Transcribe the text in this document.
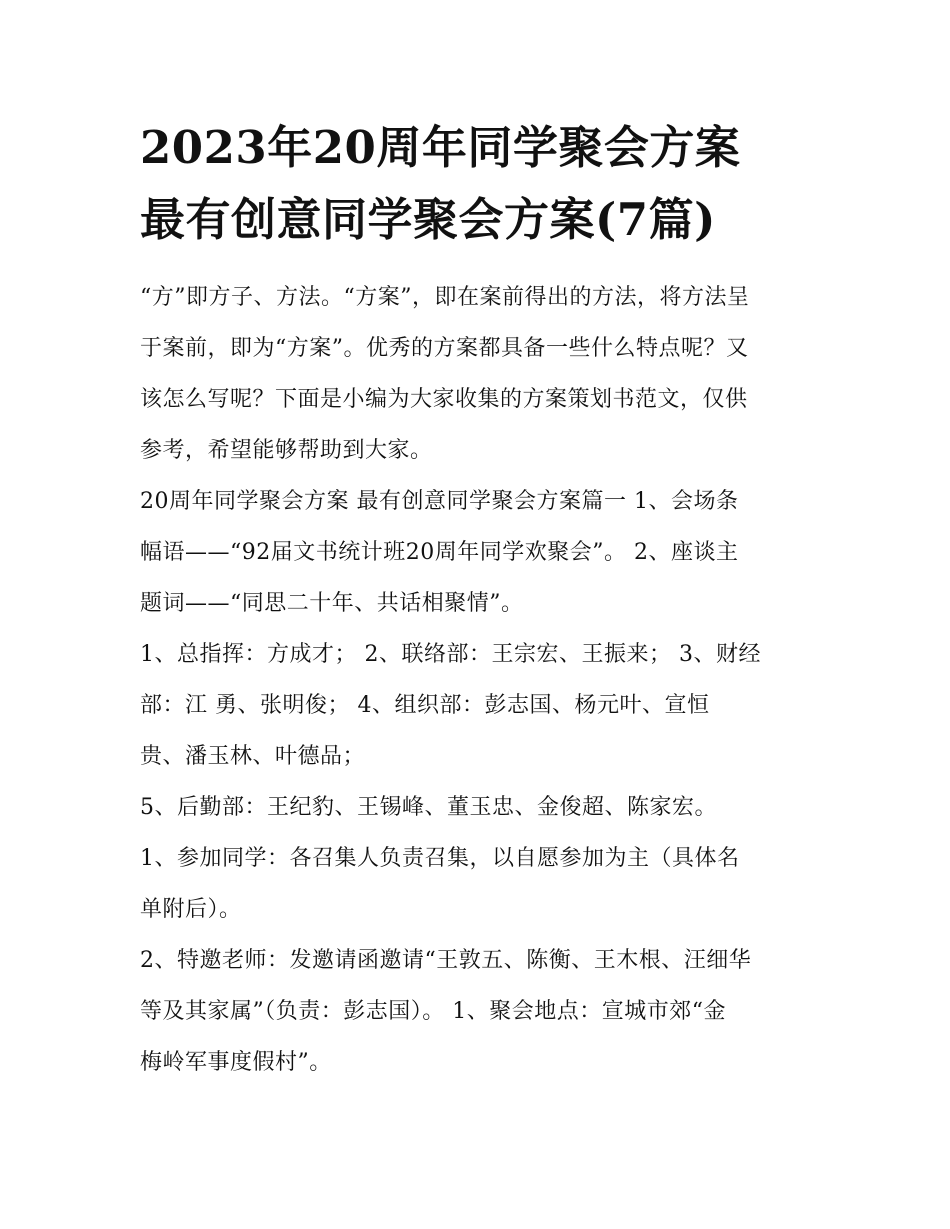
2023年20周年同学聚会方案
最有创意同学聚会方案(7篇)

“方”即方子、方法。“方案”，即在案前得出的方法，将方法呈
于案前，即为“方案”。优秀的方案都具备一些什么特点呢？又
该怎么写呢？下面是小编为大家收集的方案策划书范文，仅供
参考，希望能够帮助到大家。

20周年同学聚会方案 最有创意同学聚会方案篇一 1、会场条
幅语——“92届文书统计班20周年同学欢聚会”。 2、座谈主
题词——“同思二十年、共话相聚情”。

1、总指挥：方成才； 2、联络部：王宗宏、王振来； 3、财经
部：江 勇、张明俊； 4、组织部：彭志国、杨元叶、宣恒
贵、潘玉林、叶德品；

5、后勤部：王纪豹、王锡峰、董玉忠、金俊超、陈家宏。

1、参加同学：各召集人负责召集，以自愿参加为主（具体名
单附后）。

2、特邀老师：发邀请函邀请“王敦五、陈衡、王木根、汪细华
等及其家属”（负责：彭志国）。 1、聚会地点：宣城市郊“金
梅岭军事度假村”。
